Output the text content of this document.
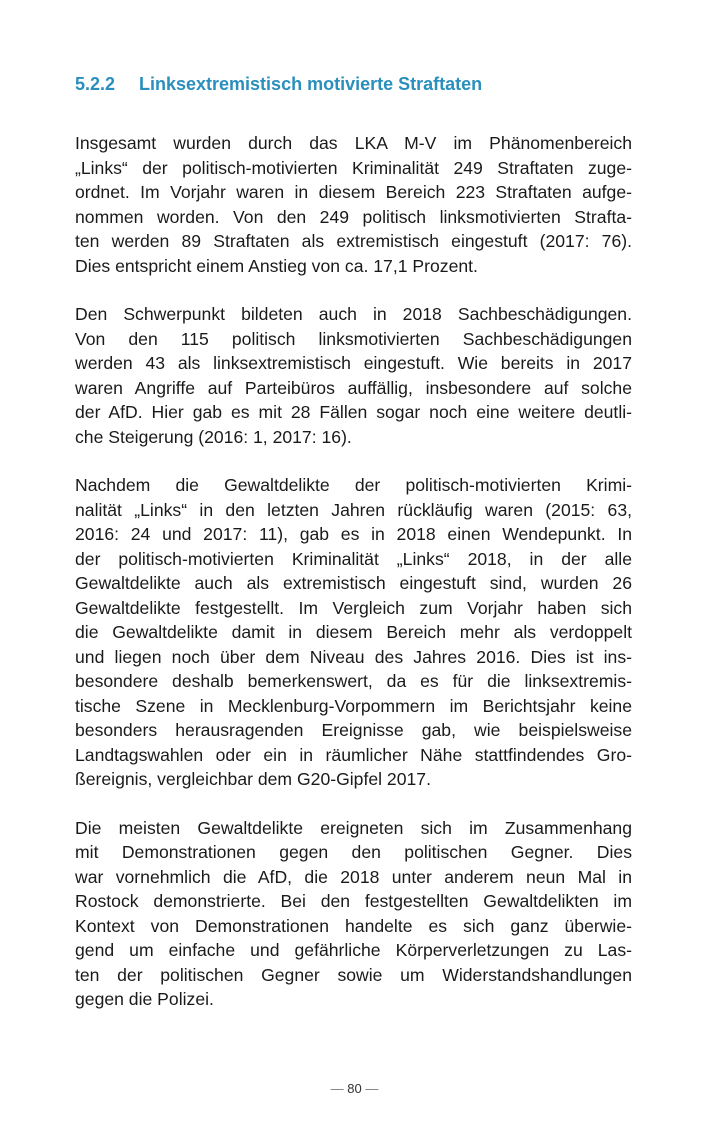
5.2.2	Linksextremistisch motivierte Straftaten

Insgesamt wurden durch das LKA M-V im Phänomenbereich
„Links“ der politisch-motivierten Kriminalität 249 Straftaten zuge-
ordnet. Im Vorjahr waren in diesem Bereich 223 Straftaten aufge-
nommen worden. Von den 249 politisch linksmotivierten Strafta-
ten werden 89 Straftaten als extremistisch eingestuft (2017: 76).
Dies entspricht einem Anstieg von ca. 17,1 Prozent.

Den Schwerpunkt bildeten auch in 2018 Sachbeschädigungen.
Von den 115 politisch linksmotivierten Sachbeschädigungen
werden 43 als linksextremistisch eingestuft. Wie bereits in 2017
waren Angriffe auf Parteibüros auffällig, insbesondere auf solche
der AfD. Hier gab es mit 28 Fällen sogar noch eine weitere deutli-
che Steigerung (2016: 1, 2017: 16).

Nachdem die Gewaltdelikte der politisch-motivierten Krimi-
nalität „Links“ in den letzten Jahren rückläufig waren (2015: 63,
2016: 24 und 2017: 11), gab es in 2018 einen Wendepunkt. In
der politisch-motivierten Kriminalität „Links“ 2018, in der alle
Gewaltdelikte auch als extremistisch eingestuft sind, wurden 26
Gewaltdelikte festgestellt. Im Vergleich zum Vorjahr haben sich
die Gewaltdelikte damit in diesem Bereich mehr als verdoppelt
und liegen noch über dem Niveau des Jahres 2016. Dies ist ins-
besondere deshalb bemerkenswert, da es für die linksextremis-
tische Szene in Mecklenburg-Vorpommern im Berichtsjahr keine
besonders herausragenden Ereignisse gab, wie beispielsweise
Landtagswahlen oder ein in räumlicher Nähe stattfindendes Gro-
ßereignis, vergleichbar dem G20-Gipfel 2017.

Die meisten Gewaltdelikte ereigneten sich im Zusammenhang
mit Demonstrationen gegen den politischen Gegner. Dies
war vornehmlich die AfD, die 2018 unter anderem neun Mal in
Rostock demonstrierte. Bei den festgestellten Gewaltdelikten im
Kontext von Demonstrationen handelte es sich ganz überwie-
gend um einfache und gefährliche Körperverletzungen zu Las-
ten der politischen Gegner sowie um Widerstandshandlungen
gegen die Polizei.

— 80 —
